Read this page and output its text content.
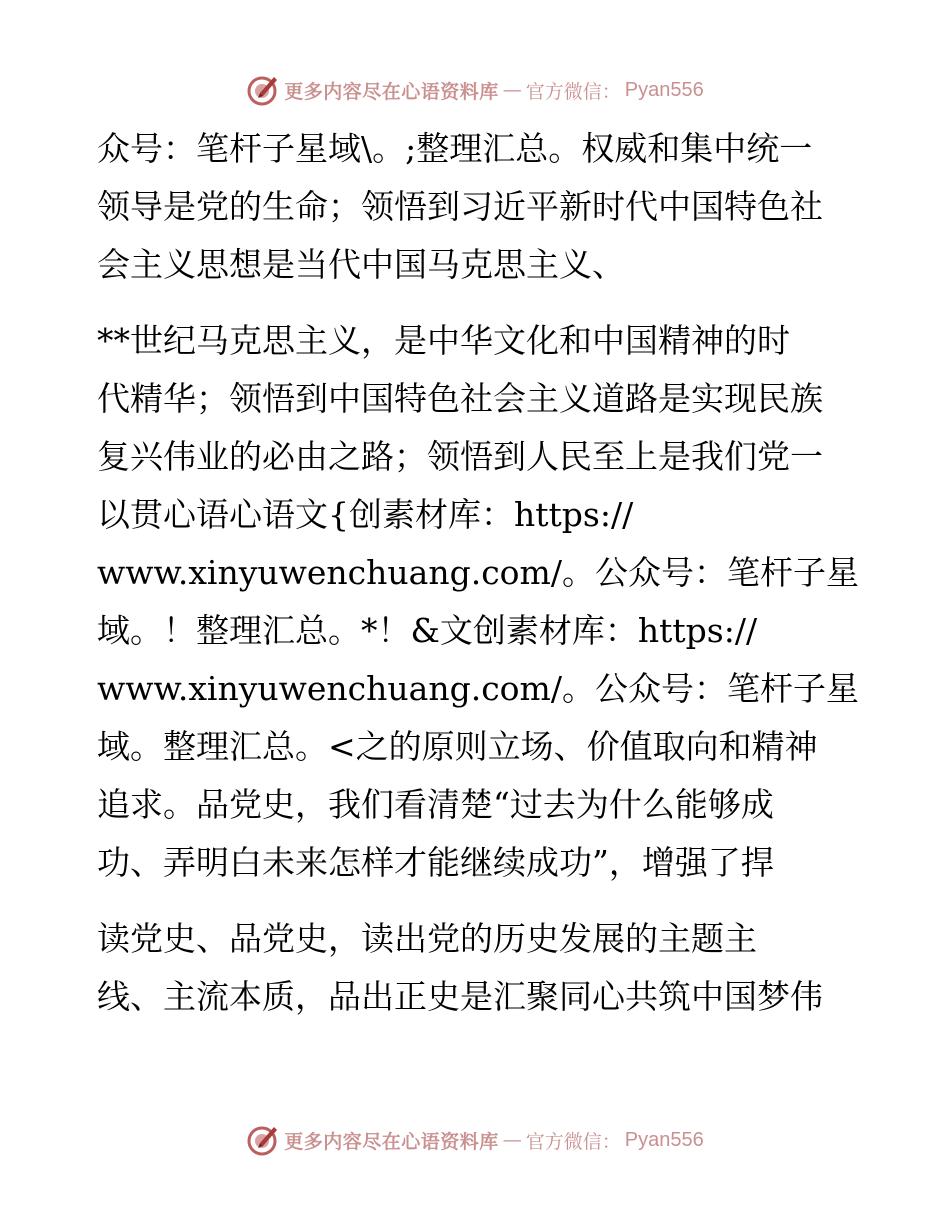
更多内容尽在心语资料库 — 官方微信： Pyan556
众号：笔杆子星域\。;整理汇总。权威和集中统一
领导是党的生命；领悟到习近平新时代中国特色社
会主义思想是当代中国马克思主义、
**世纪马克思主义，是中华文化和中国精神的时
代精华；领悟到中国特色社会主义道路是实现民族
复兴伟业的必由之路；领悟到人民至上是我们党一
以贯心语心语文{创素材库：https://
www.xinyuwenchuang.com/。公众号：笔杆子星
域。！整理汇总。*！&文创素材库：https://
www.xinyuwenchuang.com/。公众号：笔杆子星
域。整理汇总。<之的原则立场、价值取向和精神
追求。品党史，我们看清楚“过去为什么能够成
功、弄明白未来怎样才能继续成功”，增强了捍
读党史、品党史，读出党的历史发展的主题主
线、主流本质，品出正史是汇聚同心共筑中国梦伟
更多内容尽在心语资料库 — 官方微信： Pyan556
